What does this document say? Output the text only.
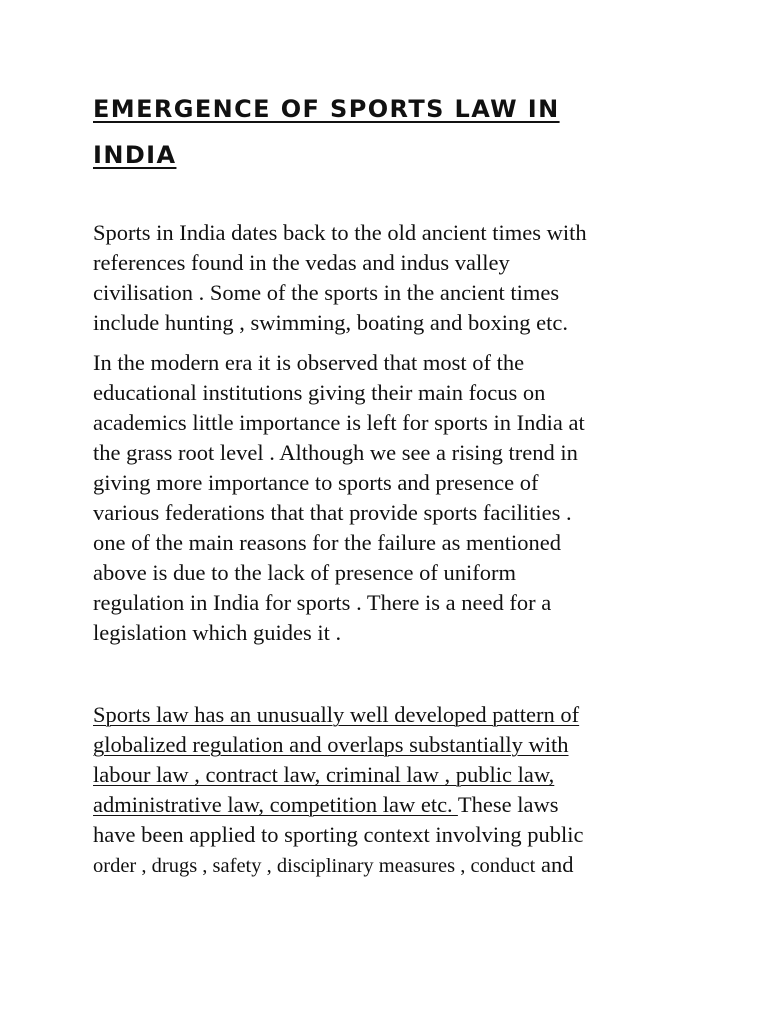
EMERGENCE OF SPORTS LAW IN
INDIA

Sports in India dates back to the old ancient times with
references found in the vedas and indus valley
civilisation . Some of the sports in the ancient times
include hunting , swimming, boating and boxing etc.

In the modern era it is observed that most of the
educational institutions giving their main focus on
academics little importance is left for sports in India at
the grass root level . Although we see a rising trend in
giving more importance to sports and presence of
various federations that that provide sports facilities .
one of the main reasons for the failure as mentioned
above is due to the lack of presence of uniform
regulation in India for sports . There is a need for a
legislation which guides it .

Sports law has an unusually well developed pattern of
globalized regulation and overlaps substantially with
labour law , contract law, criminal law , public law,
administrative law, competition law etc. These laws
have been applied to sporting context involving public
order , drugs , safety , disciplinary measures , conduct and
